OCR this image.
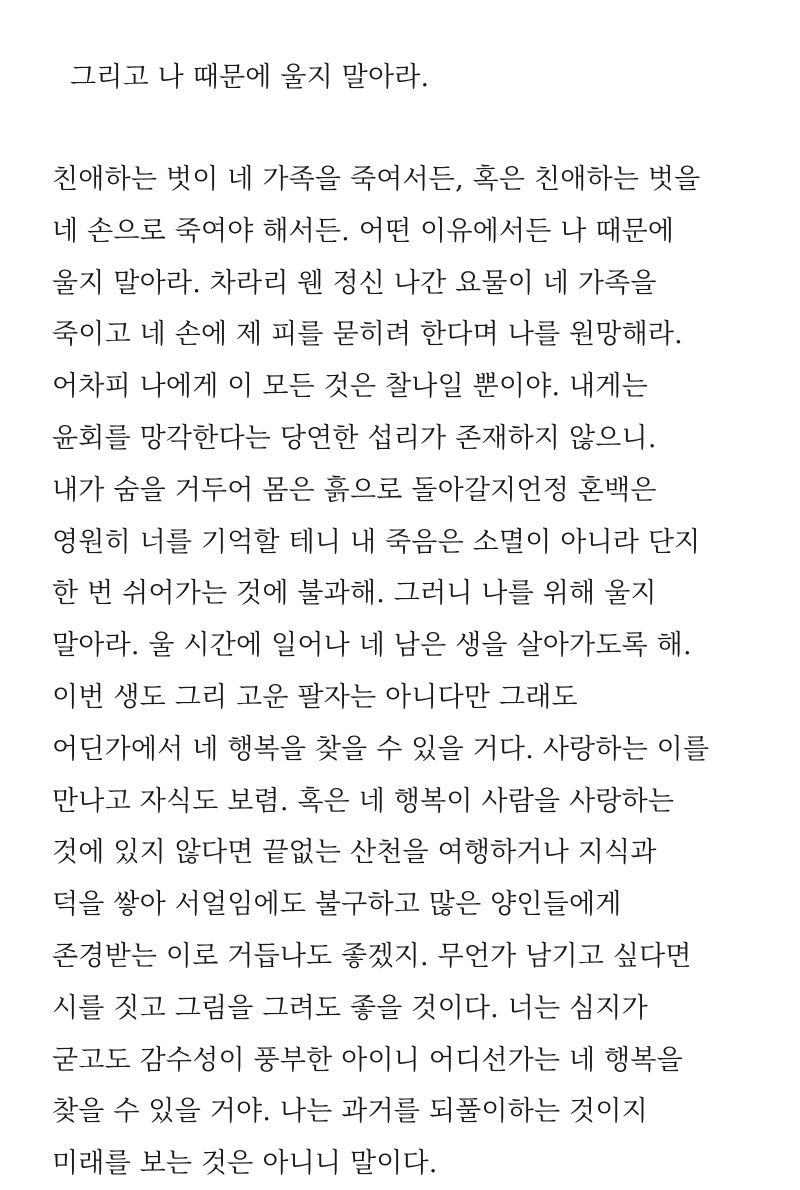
그리고 나 때문에 울지 말아라.
친애하는 벗이 네 가족을 죽여서든, 혹은 친애하는 벗을
네 손으로 죽여야 해서든. 어떤 이유에서든 나 때문에
울지 말아라. 차라리 웬 정신 나간 요물이 네 가족을
죽이고 네 손에 제 피를 묻히려 한다며 나를 원망해라.
어차피 나에게 이 모든 것은 찰나일 뿐이야. 내게는
윤회를 망각한다는 당연한 섭리가 존재하지 않으니.
내가 숨을 거두어 몸은 흙으로 돌아갈지언정 혼백은
영원히 너를 기억할 테니 내 죽음은 소멸이 아니라 단지
한 번 쉬어가는 것에 불과해. 그러니 나를 위해 울지
말아라. 울 시간에 일어나 네 남은 생을 살아가도록 해.
이번 생도 그리 고운 팔자는 아니다만 그래도
어딘가에서 네 행복을 찾을 수 있을 거다. 사랑하는 이를
만나고 자식도 보렴. 혹은 네 행복이 사람을 사랑하는
것에 있지 않다면 끝없는 산천을 여행하거나 지식과
덕을 쌓아 서얼임에도 불구하고 많은 양인들에게
존경받는 이로 거듭나도 좋겠지. 무언가 남기고 싶다면
시를 짓고 그림을 그려도 좋을 것이다. 너는 심지가
굳고도 감수성이 풍부한 아이니 어디선가는 네 행복을
찾을 수 있을 거야. 나는 과거를 되풀이하는 것이지
미래를 보는 것은 아니니 말이다.
